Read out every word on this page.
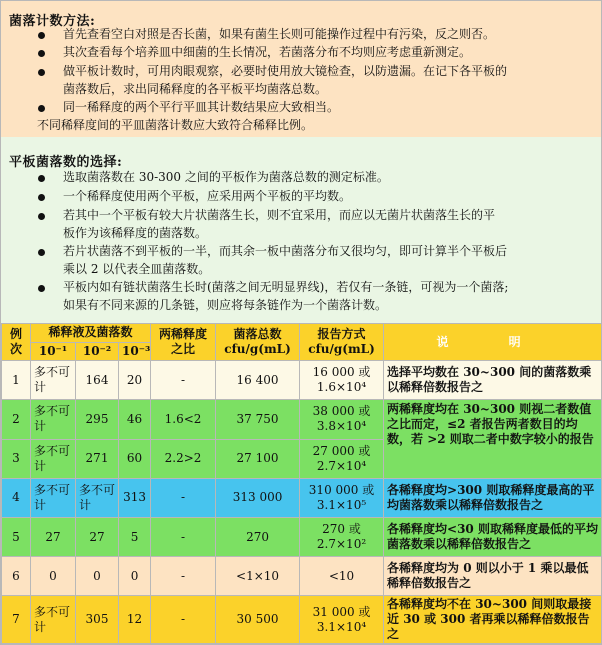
菌落计数方法:
首先查看空白对照是否长菌，如果有菌生长则可能操作过程中有污染，反之则否。
其次查看每个培养皿中细菌的生长情况，若菌落分布不均则应考虑重新测定。
做平板计数时，可用肉眼观察，必要时使用放大镜检查，以防遗漏。在记下各平板的
菌落数后，求出同稀释度的各平板平均菌落总数。
同一稀释度的两个平行平皿其计数结果应大致相当。
不同稀释度间的平皿菌落计数应大致符合稀释比例。
平板菌落数的选择:
选取菌落数在 30-300 之间的平板作为菌落总数的测定标准。
一个稀释度使用两个平板，应采用两个平板的平均数。
若其中一个平板有较大片状菌落生长，则不宜采用，而应以无菌片状菌落生长的平
板作为该稀释度的菌落数。
若片状菌落不到平板的一半，而其余一板中菌落分布又很均匀，即可计算半个平板后
乘以 2 以代表全皿菌落数。
平板内如有链状菌落生长时(菌落之间无明显界线)，若仅有一条链，可视为一个菌落;
如果有不同来源的几条链，则应将每条链作为一个菌落计数。
例次	稀释液及菌落数			两稀释度之比	菌落总数 cfu/g(mL)	报告方式 cfu/g(mL)	说 明
	10⁻¹	10⁻²	10⁻³				
1	多不可计	164	20	-	16 400	16 000 或
1.6×10⁴	选择平均数在 30~300 间的菌落数乘以稀释倍数报告之
2	多不可计	295	46	1.6<2	37 750	38 000 或
3.8×10⁴	两稀释度均在 30~300 则视二者数值之比而定，≤2 者报告两者数目的均数，若 >2 则取二者中数字较小的报告
3	多不可计	271	60	2.2>2	27 100	27 000 或
2.7×10⁴	
4	多不可计	多不可计	313	-	313 000	310 000 或
3.1×10⁵	各稀释度均>300 则取稀释度最高的平均菌落数乘以稀释倍数报告之
5	27	27	5	-	270	270 或
2.7×10²	各稀释度均<30 则取稀释度最低的平均菌落数乘以稀释倍数报告之
6	0	0	0	-	<1×10	<10	各稀释度均为 0 则以小于 1 乘以最低稀释倍数报告之
7	多不可计	305	12	-	30 500	31 000 或
3.1×10⁴	各稀释度均不在 30~300 间则取最接近 30 或 300 者再乘以稀释倍数报告之
